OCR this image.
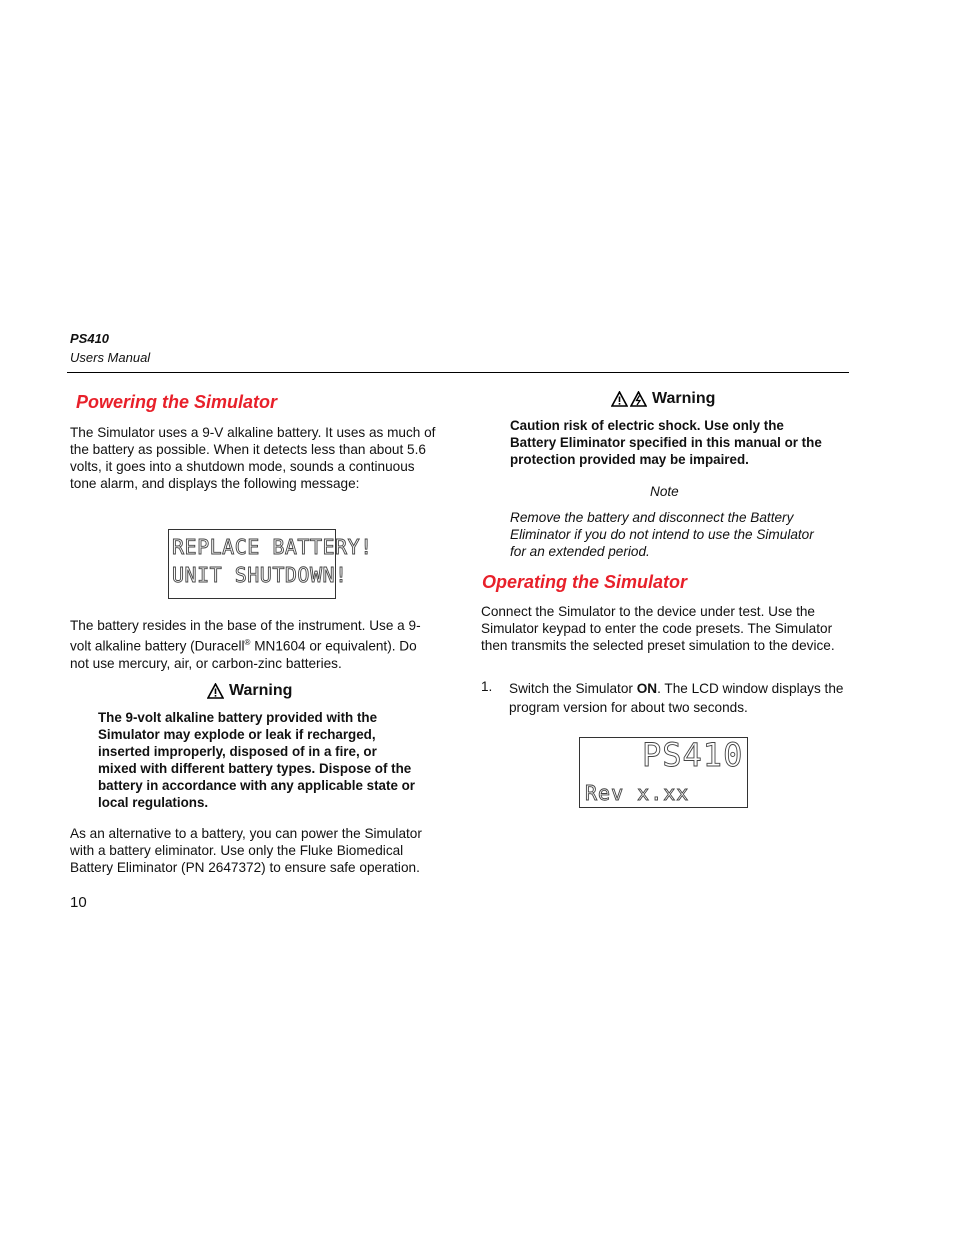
PS410
Users Manual
Powering the Simulator

The Simulator uses a 9-V alkaline battery. It uses as much of the battery as possible. When it detects less than about 5.6 volts, it goes into a shutdown mode, sounds a continuous tone alarm, and displays the following message:

REPLACE BATTERY!
UNIT SHUTDOWN!

The battery resides in the base of the instrument. Use a 9-volt alkaline battery (Duracell® MN1604 or equivalent). Do not use mercury, air, or carbon-zinc batteries.

Warning

The 9-volt alkaline battery provided with the Simulator may explode or leak if recharged, inserted improperly, disposed of in a fire, or mixed with different battery types. Dispose of the battery in accordance with any applicable state or local regulations.

As an alternative to a battery, you can power the Simulator with a battery eliminator. Use only the Fluke Biomedical Battery Eliminator (PN 2647372) to ensure safe operation.

10
Warning

Caution risk of electric shock. Use only the Battery Eliminator specified in this manual or the protection provided may be impaired.

Note

Remove the battery and disconnect the Battery Eliminator if you do not intend to use the Simulator for an extended period.

Operating the Simulator

Connect the Simulator to the device under test. Use the Simulator keypad to enter the code presets. The Simulator then transmits the selected preset simulation to the device.

1. Switch the Simulator ON. The LCD window displays the program version for about two seconds.

PS410
Rev x.xx
